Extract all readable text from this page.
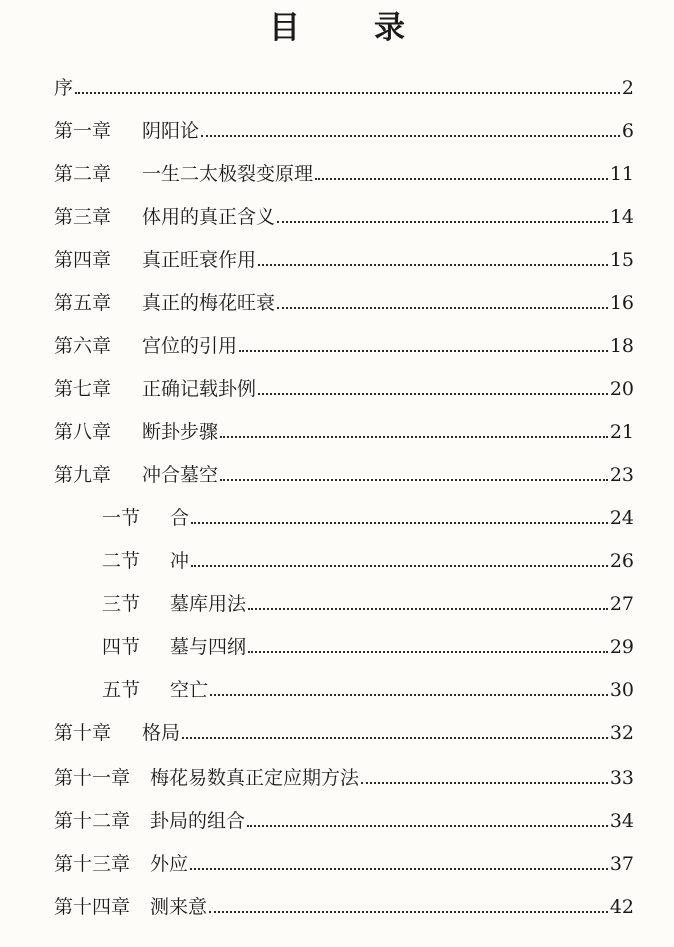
目 录
序	2
第一章 阴阳论	6
第二章 一生二太极裂变原理	11
第三章 体用的真正含义	14
第四章 真正旺衰作用	15
第五章 真正的梅花旺衰	16
第六章 宫位的引用	18
第七章 正确记载卦例	20
第八章 断卦步骤	21
第九章 冲合墓空	23
一节 合	24
二节 冲	26
三节 墓库用法	27
四节 墓与四纲	29
五节 空亡	30
第十章 格局	32
第十一章 梅花易数真正定应期方法	33
第十二章 卦局的组合	34
第十三章 外应	37
第十四章 测来意	42
